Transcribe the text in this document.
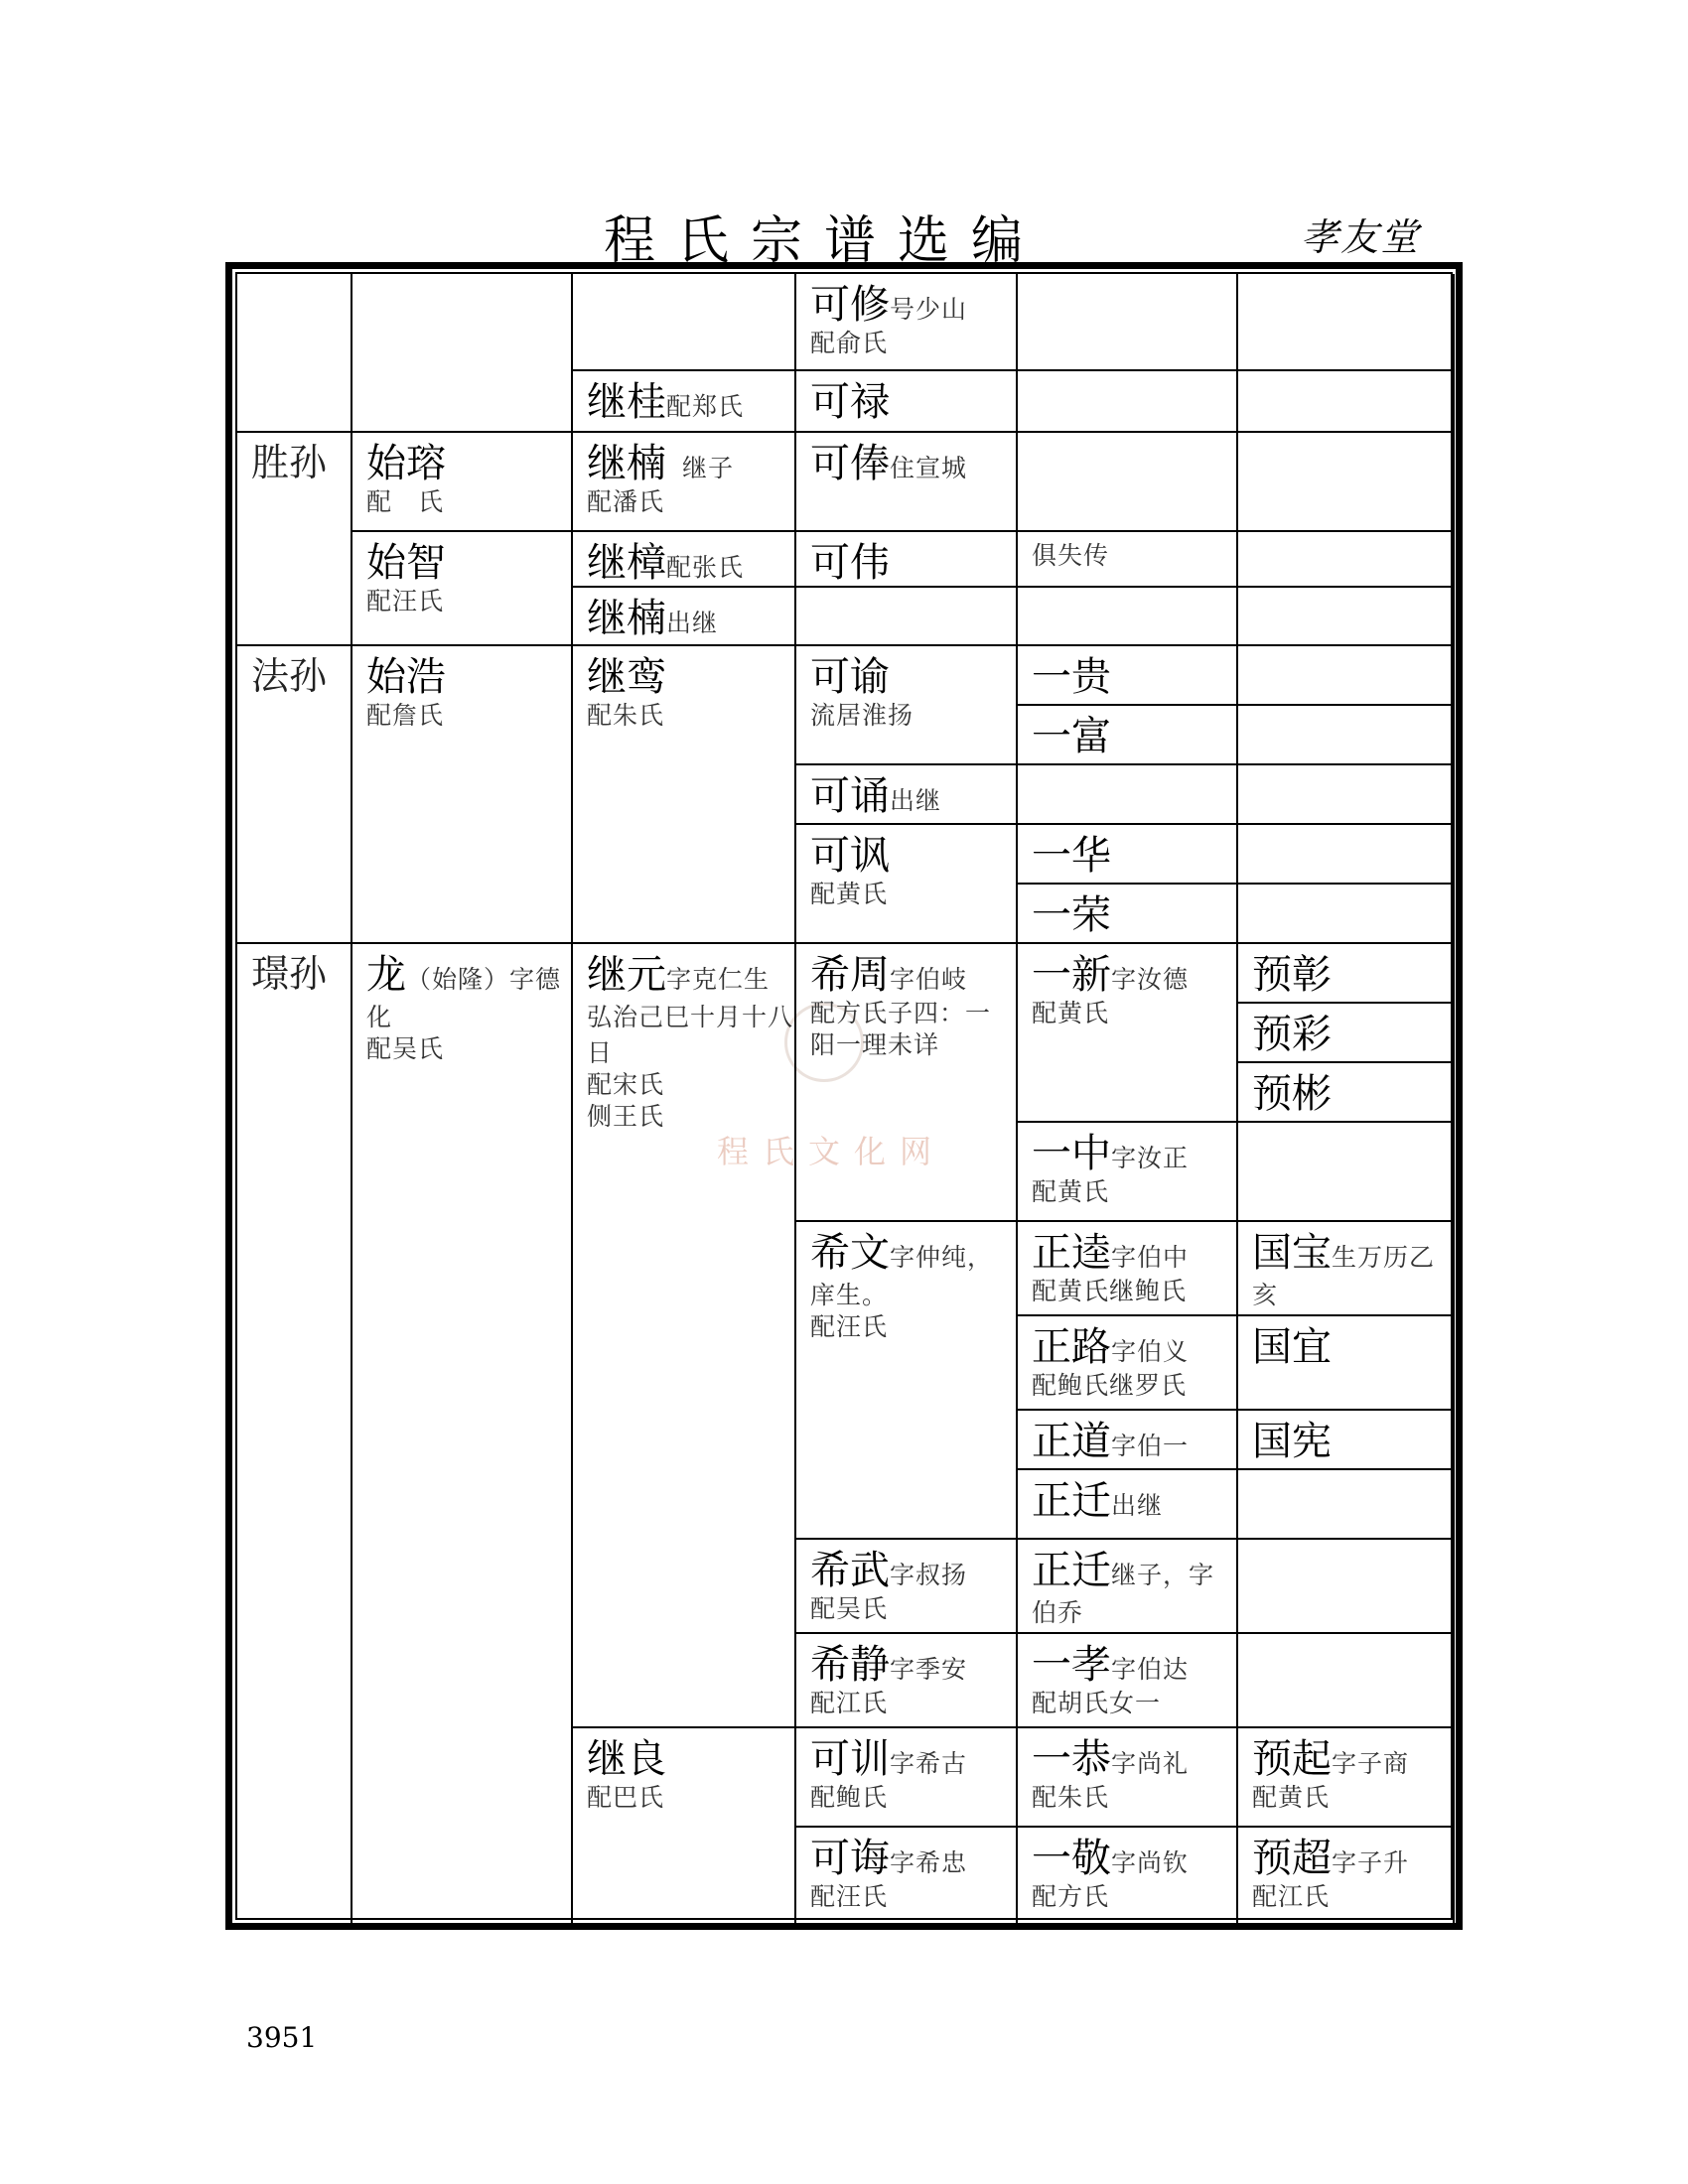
程氏宗谱选编	孝友堂
程氏文化网
胜孙
法孙
璟孙
始瑢
配　氏
始智
配汪氏
始浩
配詹氏
龙（始隆）字德化
配吴氏
继桂配郑氏
继楠　 继子
配潘氏
继樟配张氏
继楠出继
继鸾
配朱氏
继元字克仁生弘治己巳十月十八日
配宋氏
侧王氏
继良
配巴氏
可修号少山
配俞氏
可禄
可俸住宣城
可伟
可谕
流居淮扬
可诵出继
可讽
配黄氏
希周字伯岐
配方氏子四：一阳一理未详
希文字仲纯，庠生。
配汪氏
希武字叔扬
配吴氏
希静字季安
配江氏
可训字希古
配鲍氏
可诲字希忠
配汪氏
俱失传
一贵
一富
一华
一荣
一新字汝德
配黄氏
一中字汝正
配黄氏
正逵字伯中
配黄氏继鲍氏
正路字伯义
配鲍氏继罗氏
正道字伯一
正迁出继
正迁继子，字伯乔
一孝字伯达
配胡氏女一
一恭字尚礼
配朱氏
一敬字尚钦
配方氏
预彰
预彩
预彬
国宝生万历乙亥
国宜
国宪
预起字子商
配黄氏
预超字子升
配江氏
3951
